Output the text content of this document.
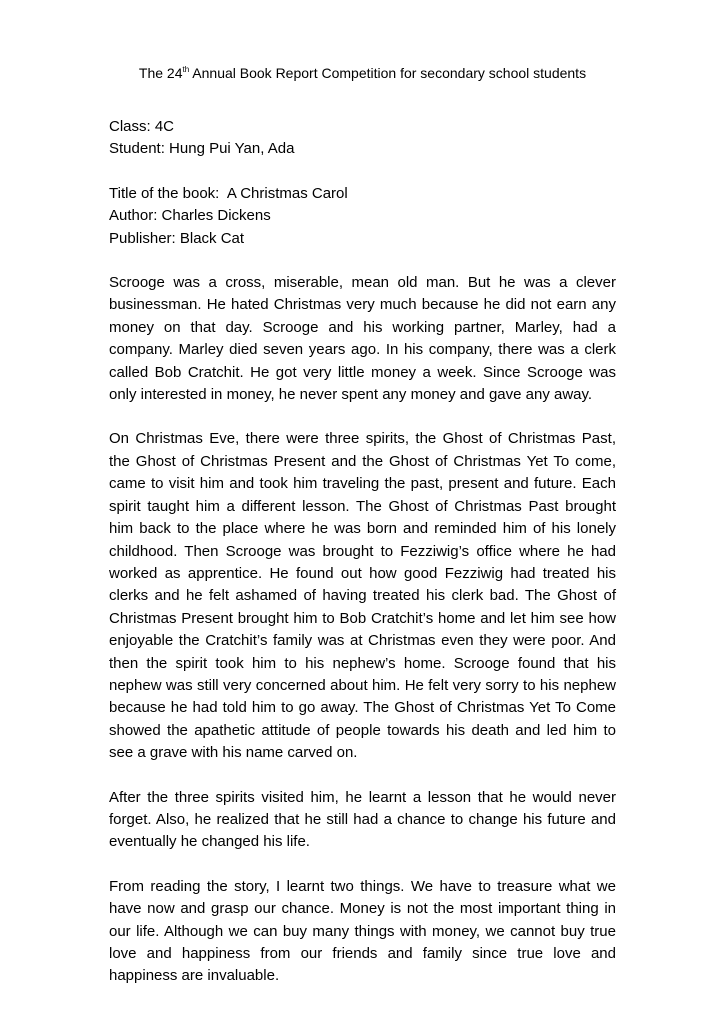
The 24th Annual Book Report Competition for secondary school students

Class: 4C

Student: Hung Pui Yan, Ada

Title of the book:  A Christmas Carol

Author: Charles Dickens

Publisher: Black Cat

Scrooge was a cross, miserable, mean old man. But he was a clever businessman. He hated Christmas very much because he did not earn any money on that day. Scrooge and his working partner, Marley, had a company. Marley died seven years ago. In his company, there was a clerk called Bob Cratchit. He got very little money a week. Since Scrooge was only interested in money, he never spent any money and gave any away.

On Christmas Eve, there were three spirits, the Ghost of Christmas Past, the Ghost of Christmas Present and the Ghost of Christmas Yet To come, came to visit him and took him traveling the past, present and future. Each spirit taught him a different lesson. The Ghost of Christmas Past brought him back to the place where he was born and reminded him of his lonely childhood. Then Scrooge was brought to Fezziwig’s office where he had worked as apprentice. He found out how good Fezziwig had treated his clerks and he felt ashamed of having treated his clerk bad. The Ghost of Christmas Present brought him to Bob Cratchit’s home and let him see how enjoyable the Cratchit’s family was at Christmas even they were poor. And then the spirit took him to his nephew’s home. Scrooge found that his nephew was still very concerned about him. He felt very sorry to his nephew because he had told him to go away. The Ghost of Christmas Yet To Come showed the apathetic attitude of people towards his death and led him to see a grave with his name carved on.

After the three spirits visited him, he learnt a lesson that he would never forget. Also, he realized that he still had a chance to change his future and eventually he changed his life.

From reading the story, I learnt two things. We have to treasure what we have now and grasp our chance. Money is not the most important thing in our life. Although we can buy many things with money, we cannot buy true love and happiness from our friends and family since true love and happiness are invaluable.
